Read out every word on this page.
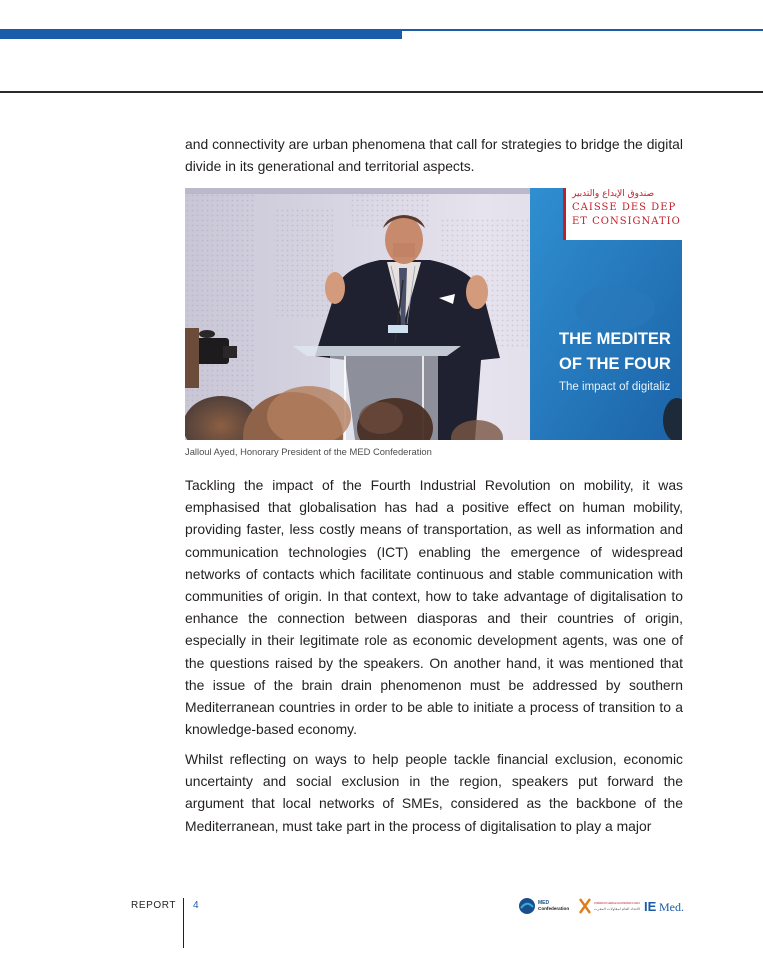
and connectivity are urban phenomena that call for strategies to bridge the digital divide in its generational and territorial aspects.

صندوق الإيداع والتدبير
CAISSE DES DEP
ET CONSIGNATIO
THE MEDITER
OF THE FOUR
The impact of digitaliz

Jalloul Ayed, Honorary President of the MED Confederation

Tackling the impact of the Fourth Industrial Revolution on mobility, it was emphasised that globalisation has had a positive effect on human mobility, providing faster, less costly means of transportation, as well as information and communication technologies (ICT) enabling the emergence of widespread networks of contacts which facilitate continuous and stable communication with communities of origin. In that context, how to take advantage of digitalisation to enhance the connection between diasporas and their countries of origin, especially in their legitimate role as economic development agents, was one of the questions raised by the speakers. On another hand, it was mentioned that the issue of the brain drain phenomenon must be addressed by southern Mediterranean countries in order to be able to initiate a process of transition to a knowledge-based economy.

Whilst reflecting on ways to help people tackle financial exclusion, economic uncertainty and social exclusion in the region, speakers put forward the argument that local networks of SMEs, considered as the backbone of the Mediterranean, must take part in the process of digitalisation to play a major

REPORT 4	MED
Confederation
CONFÉDÉRATION GÉNÉRALE DES ENTREPRISES DU MAROC
الاتحاد العام لمقاولات المغرب	IE Med.
